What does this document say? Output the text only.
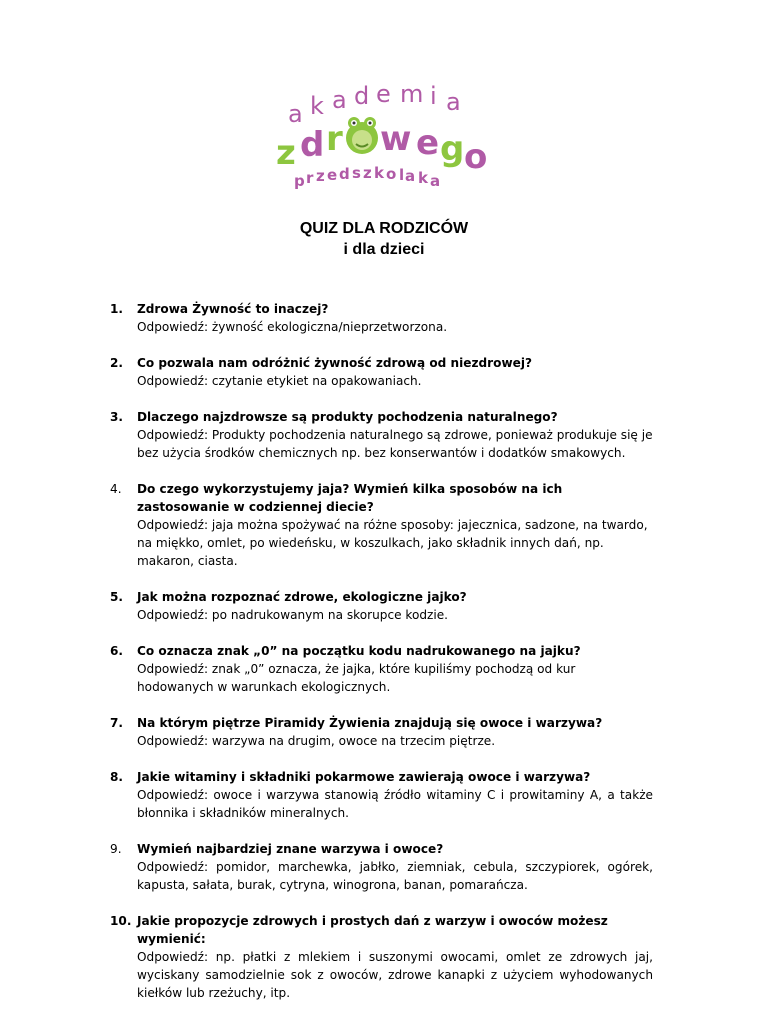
a k a d e m i a
z d r w e g o
p r z e d s z k o l a k a
QUIZ DLA RODZICÓW
i dla dzieci
1.	Zdrowa Żywność to inaczej?
Odpowiedź: żywność ekologiczna/nieprzetworzona.
2.	Co pozwala nam odróżnić żywność zdrową od niezdrowej?
Odpowiedź: czytanie etykiet na opakowaniach.
3.	Dlaczego najzdrowsze są produkty pochodzenia naturalnego?
Odpowiedź: Produkty pochodzenia naturalnego są zdrowe, ponieważ produkuje się je bez użycia środków chemicznych np. bez konserwantów i dodatków smakowych.
4.	Do czego wykorzystujemy jaja? Wymień kilka sposobów na ich zastosowanie w codziennej diecie?
Odpowiedź: jaja można spożywać na różne sposoby: jajecznica, sadzone, na twardo, na miękko, omlet, po wiedeńsku, w koszulkach, jako składnik innych dań, np. makaron, ciasta.
5.	Jak można rozpoznać zdrowe, ekologiczne jajko?
Odpowiedź: po nadrukowanym na skorupce kodzie.
6.	Co oznacza znak „0” na początku kodu nadrukowanego na jajku?
Odpowiedź: znak „0” oznacza, że jajka, które kupiliśmy pochodzą od kur hodowanych w warunkach ekologicznych.
7.	Na którym piętrze Piramidy Żywienia znajdują się owoce i warzywa?
Odpowiedź: warzywa na drugim, owoce na trzecim piętrze.
8.	Jakie witaminy i składniki pokarmowe zawierają owoce i warzywa?
Odpowiedź: owoce i warzywa stanowią źródło witaminy C i prowitaminy A, a także błonnika i składników mineralnych.
9.	Wymień najbardziej znane warzywa i owoce?
Odpowiedź: pomidor, marchewka, jabłko, ziemniak, cebula, szczypiorek, ogórek, kapusta, sałata, burak, cytryna, winogrona, banan, pomarańcza.
10. Jakie propozycje zdrowych i prostych dań z warzyw i owoców możesz wymienić:
Odpowiedź: np. płatki z mlekiem i suszonymi owocami, omlet ze zdrowych jaj, wyciskany samodzielnie sok z owoców, zdrowe kanapki z użyciem wyhodowanych kiełków lub rzeżuchy, itp.
